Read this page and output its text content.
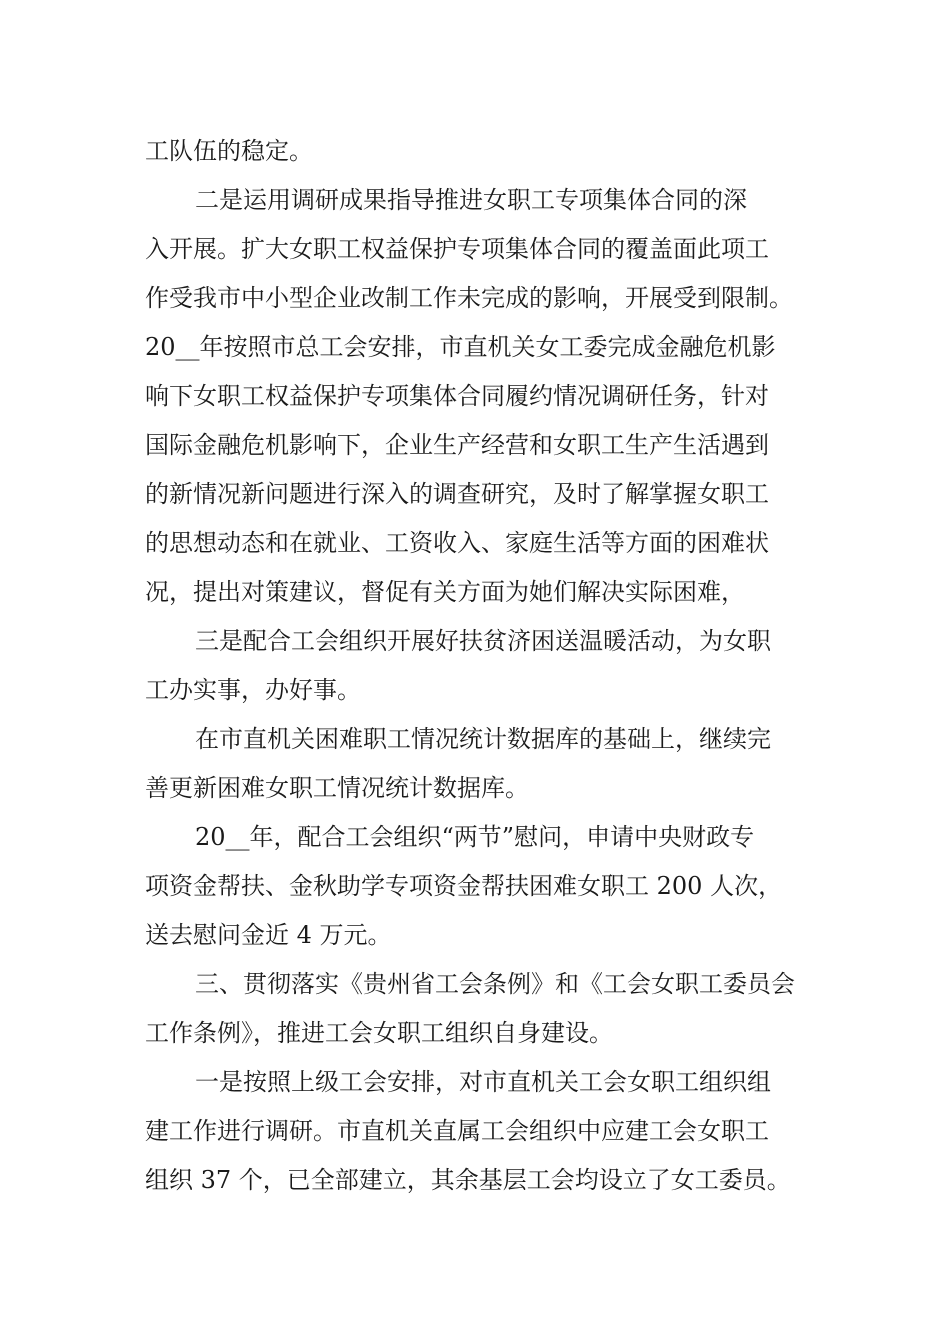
工队伍的稳定。

二是运用调研成果指导推进女职工专项集体合同的深
入开展。扩大女职工权益保护专项集体合同的覆盖面此项工
作受我市中小型企业改制工作未完成的影响，开展受到限制。
20__年按照市总工会安排，市直机关女工委完成金融危机影
响下女职工权益保护专项集体合同履约情况调研任务，针对
国际金融危机影响下，企业生产经营和女职工生产生活遇到
的新情况新问题进行深入的调查研究，及时了解掌握女职工
的思想动态和在就业、工资收入、家庭生活等方面的困难状
况，提出对策建议，督促有关方面为她们解决实际困难，

三是配合工会组织开展好扶贫济困送温暖活动，为女职
工办实事，办好事。

在市直机关困难职工情况统计数据库的基础上，继续完
善更新困难女职工情况统计数据库。

20__年，配合工会组织“两节”慰问，申请中央财政专
项资金帮扶、金秋助学专项资金帮扶困难女职工 200 人次，
送去慰问金近 4 万元。

三、贯彻落实《贵州省工会条例》和《工会女职工委员会
工作条例》，推进工会女职工组织自身建设。

一是按照上级工会安排，对市直机关工会女职工组织组
建工作进行调研。市直机关直属工会组织中应建工会女职工
组织 37 个，已全部建立，其余基层工会均设立了女工委员。
